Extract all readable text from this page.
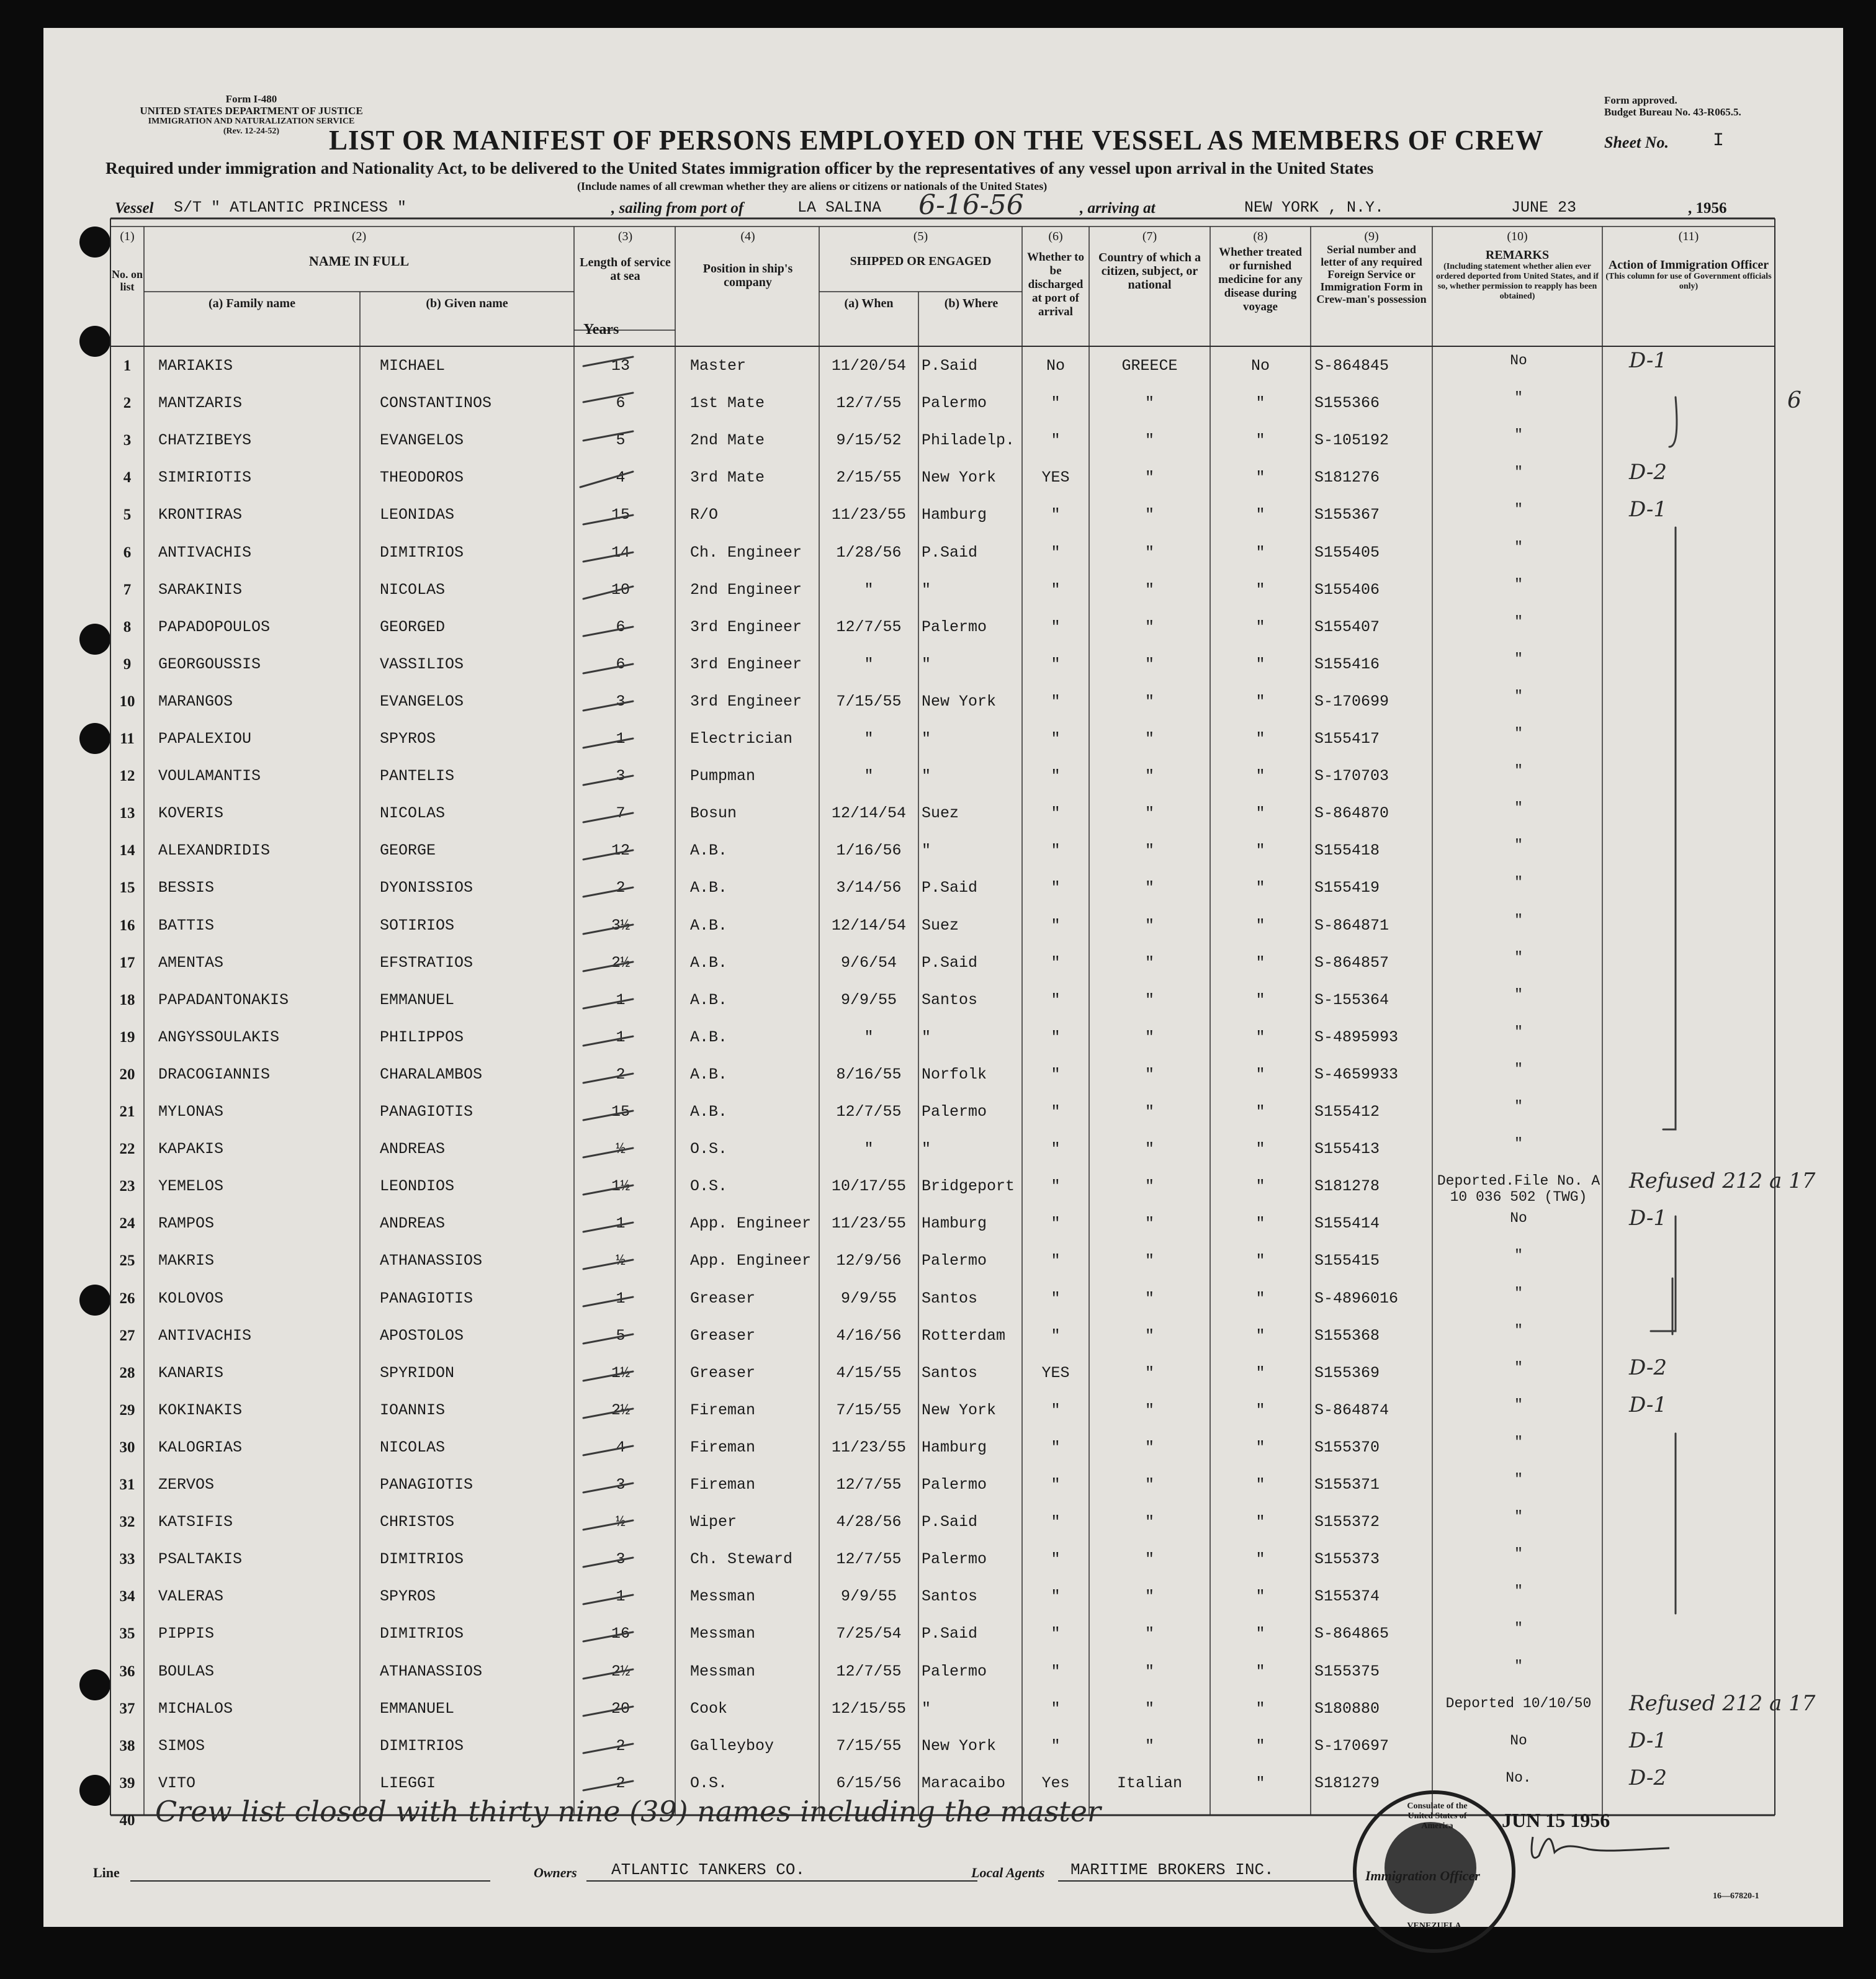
Form I-480
UNITED STATES DEPARTMENT OF JUSTICE
IMMIGRATION AND NATURALIZATION SERVICE
(Rev. 12-24-52)
Form approved.
Budget Bureau No. 43-R065.5.
LIST OR MANIFEST OF PERSONS EMPLOYED ON THE VESSEL AS MEMBERS OF CREW	Sheet No. I
Required under immigration and Nationality Act, to be delivered to the United States immigration officer by the representatives of any vessel upon arrival in the United States
(Include names of all crewman whether they are aliens or citizens or nationals of the United States)
Vessel S/T " ATLANTIC PRINCESS "	, sailing from port of	LA SALINA 6-16-56	, arriving at	NEW YORK , N.Y.	JUNE 23	, 1956
(1)
No. on list
(2)
NAME IN FULL
(a) Family name	(b) Given name
(3)
Length of service at sea
Years
(4)
Position in ship's company
(5)
SHIPPED OR ENGAGED
(a) When	(b) Where
(6)
Whether to be discharged at port of arrival
(7)
Country of which a citizen, subject, or national
(8)
Whether treated or furnished medicine for any disease during voyage
(9)
Serial number and letter of any required Foreign Service or Immigration Form in Crew-man's possession
(10)
REMARKS
(Including statement whether alien ever ordered deported from United States, and if so, whether permission to reapply has been obtained)
(11)
Action of Immigration Officer
(This column for use of Government officials only)
1	MARIAKIS	MICHAEL	13	Master	11/20/54 P.Said	No	GREECE	No	S-864845	No	D-1
2	MANTZARIS	CONSTANTINOS	6	1st Mate	12/7/55	Palermo	"	"	"	S155366	"
3	CHATZIBEYS	EVANGELOS	5	2nd Mate	9/15/52	Philadelp.	"	"	"	S-105192	"
4	SIMIRIOTIS	THEODOROS	4	3rd Mate	2/15/55	New York	YES	"	"	S181276	"	D-2
5	KRONTIRAS	LEONIDAS	15	R/O	11/23/55 Hamburg	"	"	"	S155367	"	D-1
6	ANTIVACHIS	DIMITRIOS	14	Ch. Engineer	1/28/56	P.Said	"	"	"	S155405	"
7	SARAKINIS	NICOLAS	10	2nd Engineer	"	"	"	"	"	S155406	"
8	PAPADOPOULOS	GEORGED	6	3rd Engineer	12/7/55	Palermo	"	"	"	S155407	"
9	GEORGOUSSIS	VASSILIOS	6	3rd Engineer	"	"	"	"	"	S155416	"
10	MARANGOS	EVANGELOS	3	3rd Engineer	7/15/55	New York	"	"	"	S-170699	"
11	PAPALEXIOU	SPYROS	1	Electrician	"	"	"	"	"	S155417	"
12	VOULAMANTIS	PANTELIS	3	Pumpman	"	"	"	"	"	S-170703	"
13	KOVERIS	NICOLAS	7	Bosun	12/14/54 Suez	"	"	"	S-864870	"
14	ALEXANDRIDIS	GEORGE	12	A.B.	1/16/56	"	"	"	"	S155418	"
15	BESSIS	DYONISSIOS	2	A.B.	3/14/56	P.Said	"	"	"	S155419	"
16	BATTIS	SOTIRIOS	3½	A.B.	12/14/54 Suez	"	"	"	S-864871	"
17	AMENTAS	EFSTRATIOS	2½	A.B.	9/6/54	P.Said	"	"	"	S-864857	"
18	PAPADANTONAKIS	EMMANUEL	1	A.B.	9/9/55	Santos	"	"	"	S-155364	"
19	ANGYSSOULAKIS	PHILIPPOS	1	A.B.	"	"	"	"	"	S-4895993	"
20	DRACOGIANNIS	CHARALAMBOS	2	A.B.	8/16/55	Norfolk	"	"	"	S-4659933	"
21	MYLONAS	PANAGIOTIS	15	A.B.	12/7/55	Palermo	"	"	"	S155412	"
22	KAPAKIS	ANDREAS	½	O.S.	"	"	"	"	"	S155413	"
23	YEMELOS	LEONDIOS	1½	O.S.	10/17/55 Bridgeport	"	"	"	S181278	Deported.File No. A 10 036 502 (TWG)
Refused 212 a 17
24	RAMPOS	ANDREAS	1	App. Engineer	11/23/55 Hamburg	"	"	"	S155414	No	D-1
25	MAKRIS	ATHANASSIOS	½	App. Engineer	12/9/56	Palermo	"	"	"	S155415	"
26	KOLOVOS	PANAGIOTIS	1	Greaser	9/9/55	Santos	"	"	"	S-4896016	"
27	ANTIVACHIS	APOSTOLOS	5	Greaser	4/16/56	Rotterdam	"	"	"	S155368	"
28	KANARIS	SPYRIDON	1½	Greaser	4/15/55	Santos	YES	"	"	S155369	"	D-2
29	KOKINAKIS	IOANNIS	2½	Fireman	7/15/55	New York	"	"	"	S-864874	"	D-1
30	KALOGRIAS	NICOLAS	4	Fireman	11/23/55 Hamburg	"	"	"	S155370	"
31	ZERVOS	PANAGIOTIS	3	Fireman	12/7/55	Palermo	"	"	"	S155371	"
32	KATSIFIS	CHRISTOS	½	Wiper	4/28/56	P.Said	"	"	"	S155372	"
33	PSALTAKIS	DIMITRIOS	3	Ch. Steward	12/7/55	Palermo	"	"	"	S155373	"
34	VALERAS	SPYROS	1	Messman	9/9/55	Santos	"	"	"	S155374	"
35	PIPPIS	DIMITRIOS	16	Messman	7/25/54	P.Said	"	"	"	S-864865	"
36	BOULAS	ATHANASSIOS	2½	Messman	12/7/55	Palermo	"	"	"	S155375	"
37	MICHALOS	EMMANUEL	20	Cook	12/15/55 "	"	"	"	S180880	Deported 10/10/50	Refused 212 a 17
38	SIMOS	DIMITRIOS	2	Galleyboy	7/15/55	New York	"	"	"	S-170697	No	D-1
39	VITO	LIEGGI	2	O.S.	6/15/56	Maracaibo	Yes	Italian	"	S181279	No.	D-2
40
6
Crew list closed with thirty nine (39) names including the master	Consulate of the United States of America
VENEZUELA
JUN 15 1956
Line	Owners ATLANTIC TANKERS CO.	Local Agents MARITIME BROKERS INC.	Immigration Officer
16—67820-1
